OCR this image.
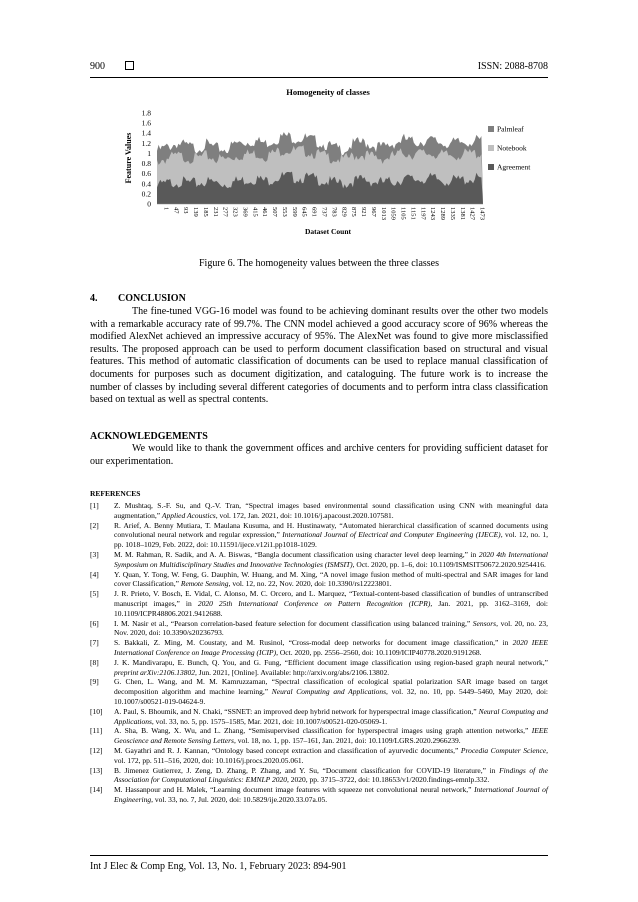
900	ISSN: 2088-8708
Homogeneity of classes
0
0.2
0.4
0.6
0.8
1
1.2
1.4
1.6
1.8
1 47 93 139 185 231 277 323 369 415 461 507 553 599 645 691 737 783 829 875 921 967 1013 1059 1105 1151 1197 1243 1289 1335 1381 1427 1473
Feature Values
Dataset Count
Palmleaf
Notebook
Agreement
Figure 6. The homogeneity values between the three classes
4. CONCLUSION
The fine-tuned VGG-16 model was found to be achieving dominant results over the other two models with a remarkable accuracy rate of 99.7%. The CNN model achieved a good accuracy score of 96% whereas the modified AlexNet achieved an impressive accuracy of 95%. The AlexNet was found to give more misclassified results. The proposed approach can be used to perform document classification based on structural and visual features. This method of automatic classification of documents can be used to replace manual classification of documents for purposes such as document digitization, and cataloguing. The future work is to increase the number of classes by including several different categories of documents and to perform intra class classification based on textual as well as spectral contents.
ACKNOWLEDGEMENTS
We would like to thank the government offices and archive centers for providing sufficient dataset for our experimentation.
REFERENCES
[1] Z. Mushtaq, S.-F. Su, and Q.-V. Tran, “Spectral images based environmental sound classification using CNN with meaningful data augmentation,” Applied Acoustics, vol. 172, Jan. 2021, doi: 10.1016/j.apacoust.2020.107581.
[2] R. Arief, A. Benny Mutiara, T. Maulana Kusuma, and H. Hustinawaty, “Automated hierarchical classification of scanned documents using convolutional neural network and regular expression,” International Journal of Electrical and Computer Engineering (IJECE), vol. 12, no. 1, pp. 1018–1029, Feb. 2022, doi: 10.11591/ijece.v12i1.pp1018-1029.
[3] M. M. Rahman, R. Sadik, and A. A. Biswas, “Bangla document classification using character level deep learning,” in 2020 4th International Symposium on Multidisciplinary Studies and Innovative Technologies (ISMSIT), Oct. 2020, pp. 1–6, doi: 10.1109/ISMSIT50672.2020.9254416.
[4] Y. Quan, Y. Tong, W. Feng, G. Dauphin, W. Huang, and M. Xing, “A novel image fusion method of multi-spectral and SAR images for land cover Classification,” Remote Sensing, vol. 12, no. 22, Nov. 2020, doi: 10.3390/rs12223801.
[5] J. R. Prieto, V. Bosch, E. Vidal, C. Alonso, M. C. Orcero, and L. Marquez, “Textual-content-based classification of bundles of untranscribed manuscript images,” in 2020 25th International Conference on Pattern Recognition (ICPR), Jan. 2021, pp. 3162–3169, doi: 10.1109/ICPR48806.2021.9412688.
[6] I. M. Nasir et al., “Pearson correlation-based feature selection for document classification using balanced training,” Sensors, vol. 20, no. 23, Nov. 2020, doi: 10.3390/s20236793.
[7] S. Bakkali, Z. Ming, M. Coustaty, and M. Rusinol, “Cross-modal deep networks for document image classification,” in 2020 IEEE International Conference on Image Processing (ICIP), Oct. 2020, pp. 2556–2560, doi: 10.1109/ICIP40778.2020.9191268.
[8] J. K. Mandivarapu, E. Bunch, Q. You, and G. Fung, “Efficient document image classification using region-based graph neural network,” preprint arXiv:2106.13802, Jun. 2021, [Online]. Available: http://arxiv.org/abs/2106.13802.
[9] G. Chen, L. Wang, and M. M. Kamruzzaman, “Spectral classification of ecological spatial polarization SAR image based on target decomposition algorithm and machine learning,” Neural Computing and Applications, vol. 32, no. 10, pp. 5449–5460, May 2020, doi: 10.1007/s00521-019-04624-9.
[10] A. Paul, S. Bhoumik, and N. Chaki, “SSNET: an improved deep hybrid network for hyperspectral image classification,” Neural Computing and Applications, vol. 33, no. 5, pp. 1575–1585, Mar. 2021, doi: 10.1007/s00521-020-05069-1.
[11] A. Sha, B. Wang, X. Wu, and L. Zhang, “Semisupervised classification for hyperspectral images using graph attention networks,” IEEE Geoscience and Remote Sensing Letters, vol. 18, no. 1, pp. 157–161, Jan. 2021, doi: 10.1109/LGRS.2020.2966239.
[12] M. Gayathri and R. J. Kannan, “Ontology based concept extraction and classification of ayurvedic documents,” Procedia Computer Science, vol. 172, pp. 511–516, 2020, doi: 10.1016/j.procs.2020.05.061.
[13] B. Jimenez Gutierrez, J. Zeng, D. Zhang, P. Zhang, and Y. Su, “Document classification for COVID-19 literature,” in Findings of the Association for Computational Linguistics: EMNLP 2020, 2020, pp. 3715–3722, doi: 10.18653/v1/2020.findings-emnlp.332.
[14] M. Hassanpour and H. Malek, “Learning document image features with squeeze net convolutional neural network,” International Journal of Engineering, vol. 33, no. 7, Jul. 2020, doi: 10.5829/ije.2020.33.07a.05.
Int J Elec & Comp Eng, Vol. 13, No. 1, February 2023: 894-901
